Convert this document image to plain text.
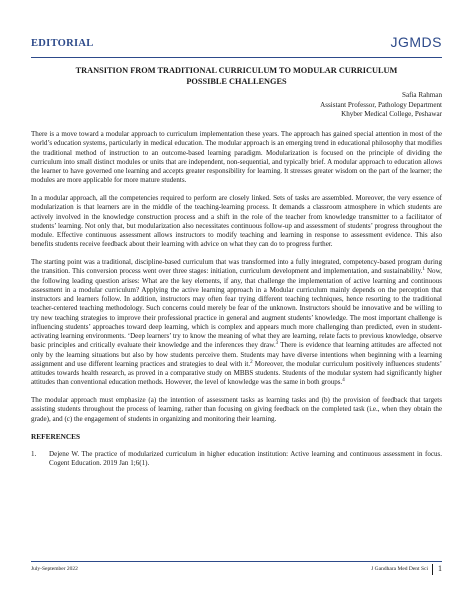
EDITORIAL	JGMDS
TRANSITION FROM TRADITIONAL CURRICULUM TO MODULAR CURRICULUM
POSSIBLE CHALLENGES
Safia Rahman
Assistant Professor, Pathology Department
Khyber Medical College, Peshawar

There is a move toward a modular approach to curriculum implementation these years. The approach has gained special attention in most of the world’s education systems, particularly in medical education. The modular approach is an emerging trend in educational philosophy that modifies the traditional method of instruction to an outcome-based learning paradigm. Modularization is focused on the principle of dividing the curriculum into small distinct modules or units that are independent, non-sequential, and typically brief. A modular approach to education allows the learner to have governed one learning and accepts greater responsibility for learning. It stresses greater wisdom on the part of the learner; the modules are more applicable for more mature students.

In a modular approach, all the competencies required to perform are closely linked. Sets of tasks are assembled. Moreover, the very essence of modularization is that learners are in the middle of the teaching-learning process. It demands a classroom atmosphere in which students are actively involved in the knowledge construction process and a shift in the role of the teacher from knowledge transmitter to a facilitator of students’ learning. Not only that, but modularization also necessitates continuous follow-up and assessment of students’ progress throughout the module. Effective continuous assessment allows instructors to modify teaching and learning in response to assessment evidence. This also benefits students receive feedback about their learning with advice on what they can do to progress further.

The starting point was a traditional, discipline-based curriculum that was transformed into a fully integrated, competency-based program during the transition. This conversion process went over three stages: initiation, curriculum development and implementation, and sustainability.$^1$ Now, the following leading question arises: What are the key elements, if any, that challenge the implementation of active learning and continuous assessment in a modular curriculum? Applying the active learning approach in a Modular curriculum mainly depends on the perception that instructors and learners follow. In addition, instructors may often fear trying different teaching techniques, hence resorting to the traditional teacher-centered teaching methodology. Such concerns could merely be fear of the unknown. Instructors should be innovative and be willing to try new teaching strategies to improve their professional practice in general and augment students’ knowledge. The most important challenge is influencing students’ approaches toward deep learning, which is complex and appears much more challenging than predicted, even in student-activating learning environments. ‘Deep learners’ try to know the meaning of what they are learning, relate facts to previous knowledge, observe basic principles and critically evaluate their knowledge and the inferences they draw.$^3$ There is evidence that learning attitudes are affected not only by the learning situations but also by how students perceive them. Students may have diverse intentions when beginning with a learning assignment and use different learning practices and strategies to deal with it.$^2$ Moreover, the modular curriculum positively influences students’ attitudes towards health research, as proved in a comparative study on MBBS students. Students of the modular system had significantly higher attitudes than conventional education methods. However, the level of knowledge was the same in both groups.$^4$

The modular approach must emphasize (a) the intention of assessment tasks as learning tasks and (b) the provision of feedback that targets assisting students throughout the process of learning, rather than focusing on giving feedback on the completed task (i.e., when they obtain the grade), and (c) the engagement of students in organizing and monitoring their learning.

REFERENCES
1.	Dejene W. The practice of modularized curriculum in higher education institution: Active learning and continuous assessment in focus. Cogent Education. 2019 Jan 1;6(1).
July-September 2022	J Gandhara Med Dent Sci 1
